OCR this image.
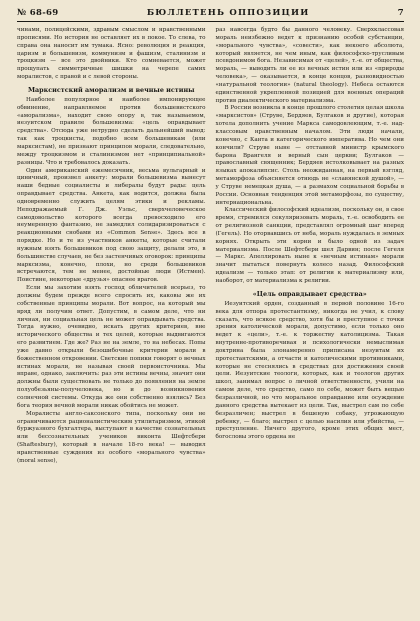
№ 68-69	БЮЛЛЕТЕНЬ ОППОЗИЦИИ	7

чинами, полицейскими, здравым смыслом и нравственными прописями. Но история не оставляет их в покое. То слева, то справа она наносит им тумака. Ясно: революция и реакция, царизм и большевизм, коммунизм и фашизм, сталинизм и троцкизм — все это двойники. Кто сомневается, может прощупать симметричные шишки на черепе самих моралистов, с правой и с левой стороны.

Марксистский аморализм и вечные истины

Наиболее популярное и наиболее импонирующее обвинение, направляемое против большевистского «аморализма», находит свою опору в, так называемом, иезуитском правиле большевизма: «цель оправдывает средства». Отсюда уже нетрудно сделать дальнейший вывод: так как троцкисты, подобно всем большевикам (или марксистам), не признают принципов морали, следовательно, между троцкизмом и сталинизмом нет «принципиальной» разницы. Что и требовалось доказать.

Один американский ежемесячник, весьма вульгарный и циничный, произвел анкету: морали большевизма вынесут наши бедные социалисты и либералы будут рады: цель оправдывает средства. Анкета, как водится, должна была одновременно служить целям этики и рекламы. Неподражаемый Г. Дж. Уэльс, сверхчеловеческое самодовольство которого всегда превосходило его неумеренную фантазию, не замедлил солидаризироваться с реакционными снобами из «Common Sense». Здесь все в порядке. Но и те из участников анкеты, которые считали нужным взять большевиков под свою защиту, делали это, в большинстве случаев, не без застенчивых оговорок: принципы марксизма, конечно, плохи, но среди большевиков встречаются, тем не менее, достойные люди (Истмен). Поистине, некоторые «друзья» опаснее врагов.

Если мы захотим взять господ обличителей всерьез, то должны будем прежде всего спросить их, каковы же их собственные принципы морали. Вот вопрос, на который мы вряд ли получим ответ. Допустим, в самом деле, что ни личная, ни социальная цель не может оправдывать средства. Тогда нужно, очевидно, искать других критериев, вне исторического общества и тех целей, которые выдвигаются его развитием. Где же? Раз не на земле, то на небесах. Попы уже давно открыли безошибочные критерии морали в божественном откровении. Светские попики говорят о вечных истинах морали, не называя своей первоисточника. Мы вправе, однако, заключить: раз эти истины вечны, значит они должны были существовать не только до появления на земле полуобезьяны-получеловека, но и до возникновения солнечной системы. Откуда же они собственно взялись? Без бога теория вечной морали никак обойтись не может.

Моралисты англо-саксонского типа, поскольку они не ограничиваются рационалистическим утилитаризмом, этикой буржуазного бухгалтера, выступают в качестве сознательных или бессознательных учеников виконта Шефтсбери (Shaftesbury), который в начале 18-го века! — выводил нравственные суждения из особого «морального чувства» (moral sense),

раз навсегда будто бы данного человеку. Сверхклассовая мораль неизбежно ведет к признанию особой субстанции, «морального чувства», «совести», как некоего абсолюта, который является, не чем иным, как философско-трусливым псевдонимом бога. Независимая от «целей», т.-е. от общества, мораль, — выводить ли ее из вечных истин или из «природы человека», — оказывается, в конце концов, разновидностью «натуральной теологии» (natural theology). Небеса остаются единственной укрепленной позицией для военных операций против диалектического материализма.

В России возникла в конце прошлого столетия целая школа «марксистов» (Струве, Бердяев, Булгаков и другие), которая хотела дополнить учение Маркса самодовлеющим, т.-е. над-классовым нравственным началом. Эти люди начали, конечно, с Канта и категорического императива. Но чем они кончили? Струве ныне — отставной министр крымского барона Врангеля и верный сын церкви; Булгаков — православный священник; Бердяев истолковывает на разных языках апокалипсис. Столь неожиданная, на первый взгляд, метаморфоза объясняется отнюдь не «славянской душой», — у Струве немецкая душа, — а размахом социальной борьбы в России. Основная тенденция этой метаморфозы, по существу, интернациональна.

Классический философский идеализм, поскольку он, в свое время, стремился секуляризовать мораль, т.-е. освободить ее от религиозной санкции, представлял огромный шаг вперед (Гегель). Но оторвавшись от неба, мораль нуждалась в земных корнях. Открыть эти корни и было одной из задач материализма. После Шефтсбери шел Дарвин; после Гегеля — Маркс. Апеллировать ныне к «вечным истинам» морали значит пытаться повернуть колесо назад. Философский идеализм — только этап: от религии к материализму или, наоборот, от материализма к религии.

«Цель оправдывает средства»

Иезуитский орден, созданный в первой половине 16-го века для отпора протестантизму, никогда не учил, к слову сказать, что всякое средство, хотя бы и преступное с точки зрения католической морали, допустимо, если только оно ведет к «цели», т.-е. к торжеству католицизма. Такая внутренне-противоречивая и психологически немыслимая доктрина была злонамеренно приписана иезуитам их протестантскими, а отчасти и католическими противниками, которые не стеснялись в средствах для достижения своей цели. Иезуитские теологи, которых, как и теологов других школ, занимал вопрос о личной ответственности, учили на самом деле, что средство, само по себе, может быть вещью безразличной, но что моральное оправдание или осуждение данного средства вытекает из цели. Так, выстрел сам по себе безразличен; выстрел в бешеную собаку, угрожающую ребенку, — благо; выстрел с целью насилия или убийства, — преступление. Ничего другого, кроме этих общих мест, богословы этого ордена не
